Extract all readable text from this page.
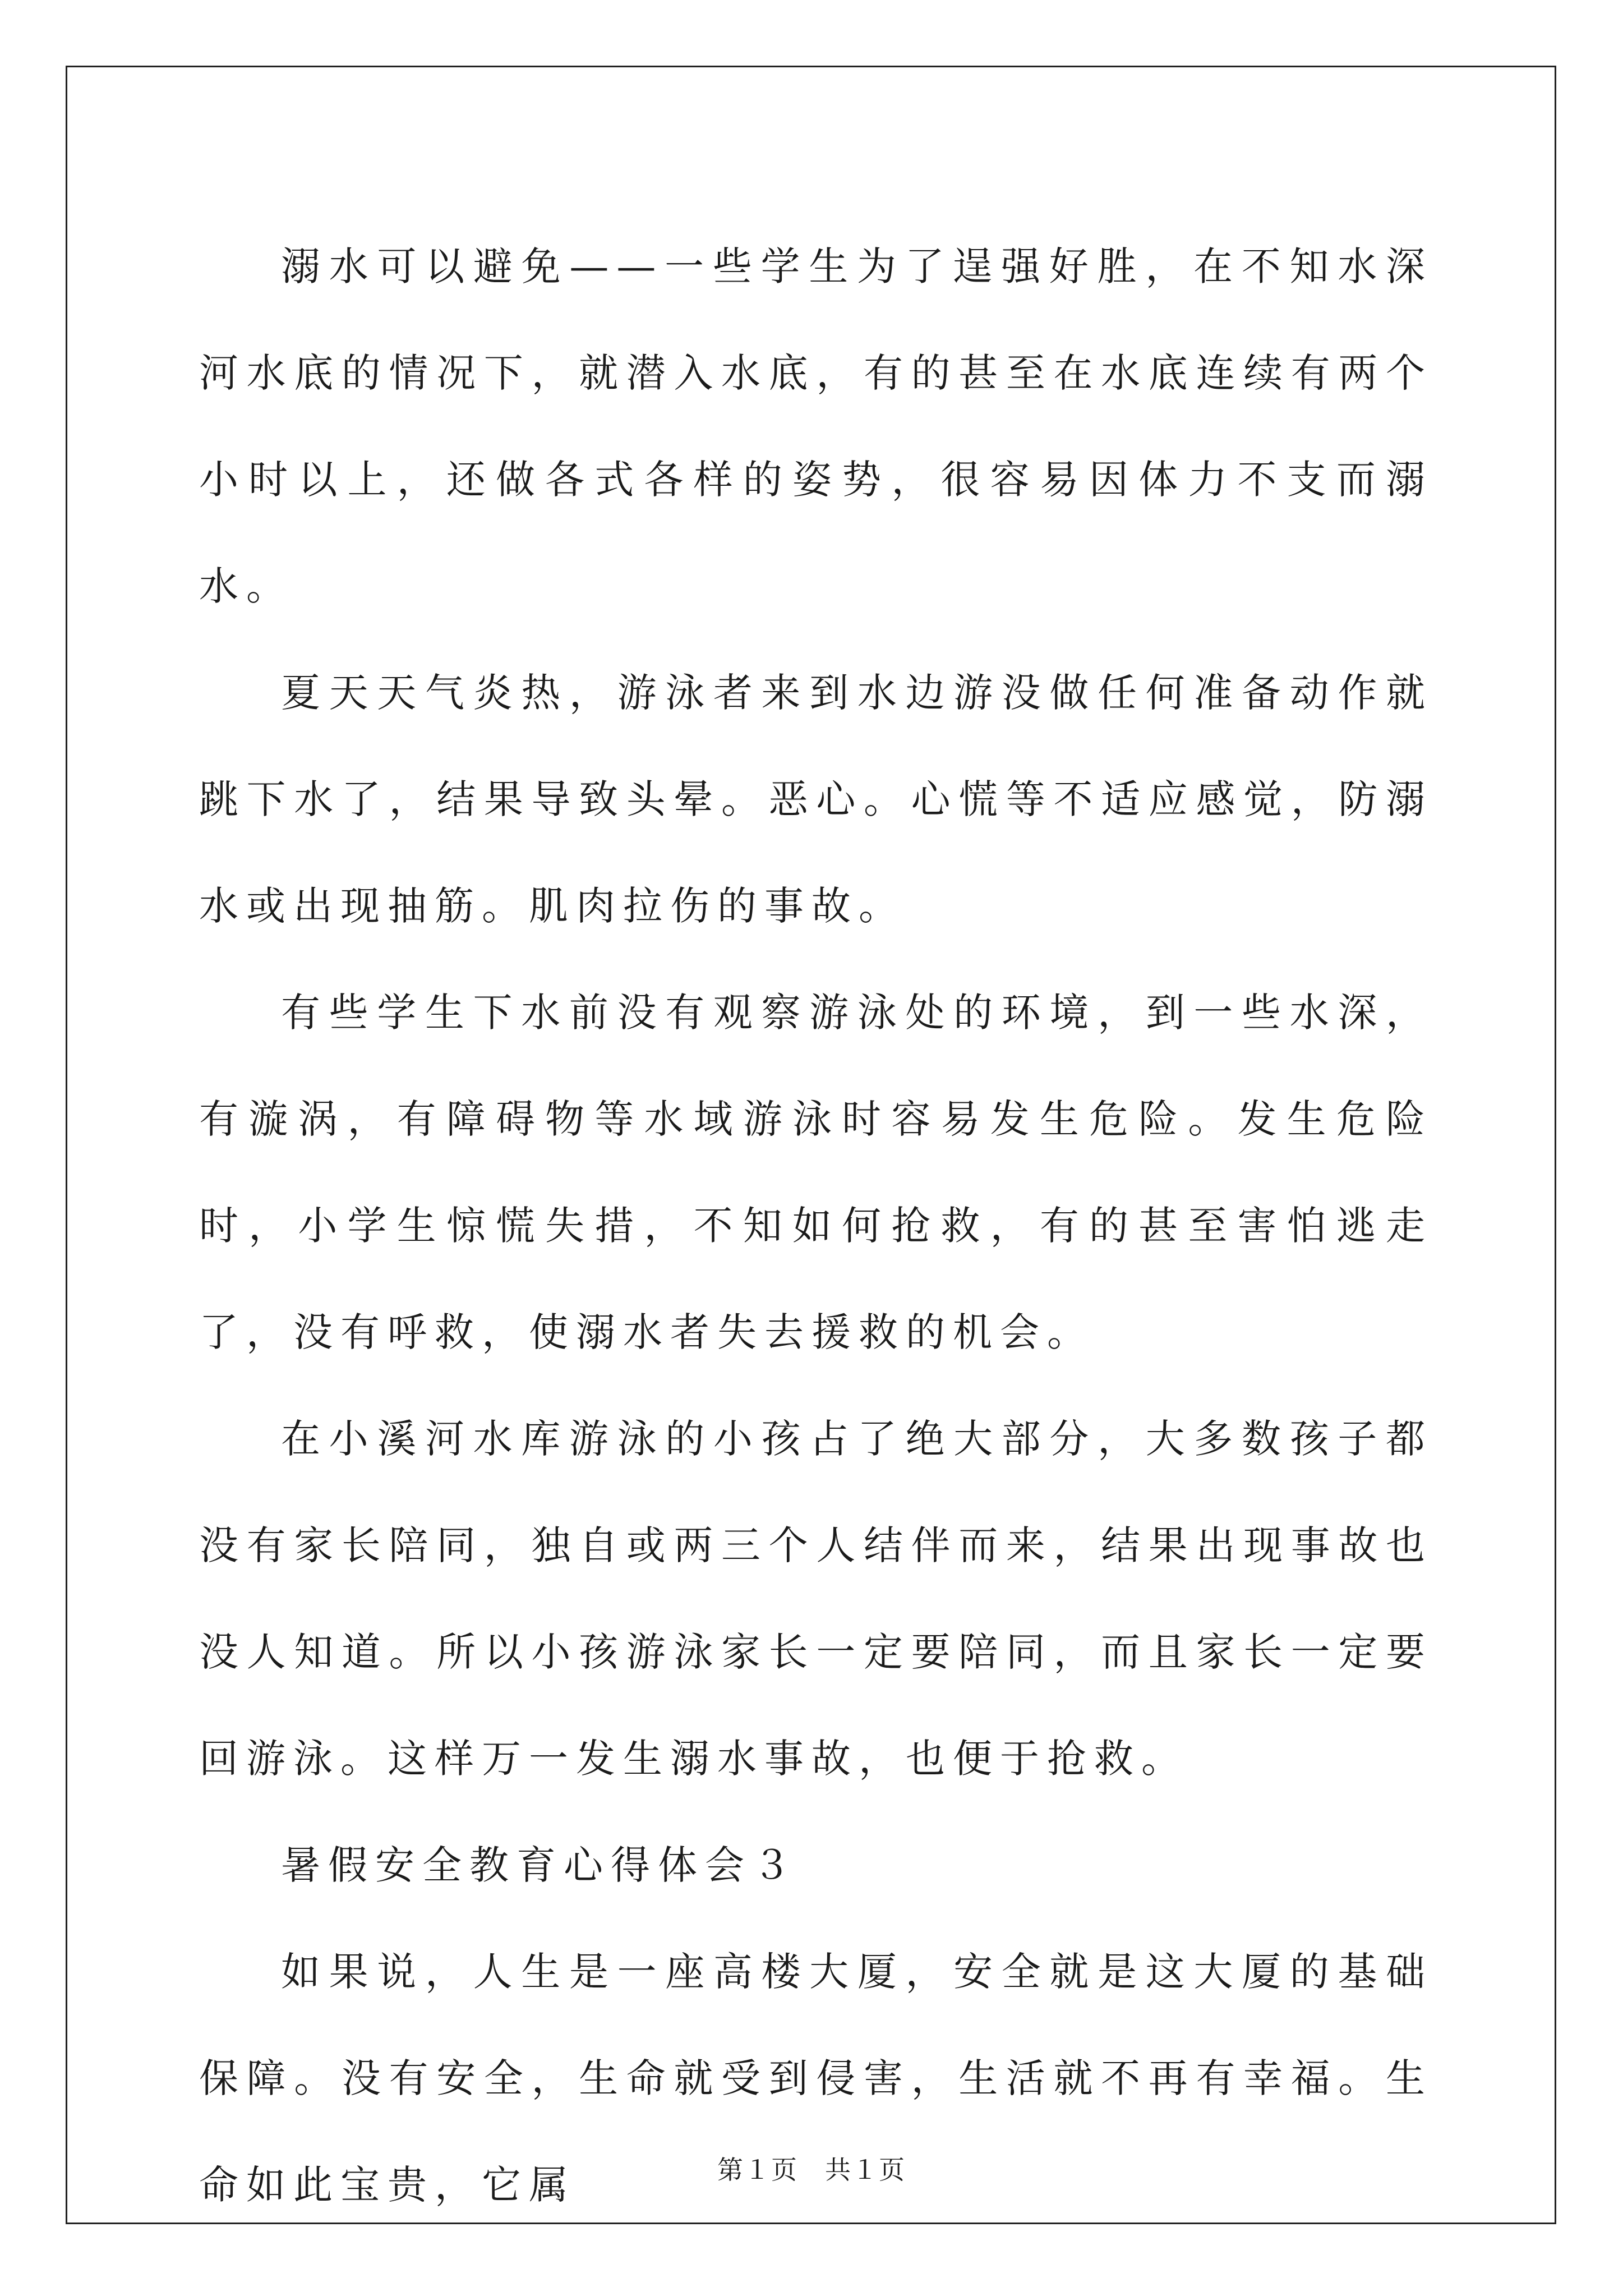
溺水可以避免——一些学生为了逞强好胜，在不知水深河水底的情况下，就潜入水底，有的甚至在水底连续有两个小时以上，还做各式各样的姿势，很容易因体力不支而溺水。

夏天天气炎热，游泳者来到水边游没做任何准备动作就跳下水了，结果导致头晕。恶心。心慌等不适应感觉，防溺水或出现抽筋。肌肉拉伤的事故。

有些学生下水前没有观察游泳处的环境，到一些水深，有漩涡，有障碍物等水域游泳时容易发生危险。发生危险时，小学生惊慌失措，不知如何抢救，有的甚至害怕逃走了，没有呼救，使溺水者失去援救的机会。

在小溪河水库游泳的小孩占了绝大部分，大多数孩子都没有家长陪同，独自或两三个人结伴而来，结果出现事故也没人知道。所以小孩游泳家长一定要陪同，而且家长一定要回游泳。这样万一发生溺水事故，也便于抢救。

暑假安全教育心得体会３

如果说，人生是一座高楼大厦，安全就是这大厦的基础保障。没有安全，生命就受到侵害，生活就不再有幸福。生命如此宝贵，它属	第１页　共１页
